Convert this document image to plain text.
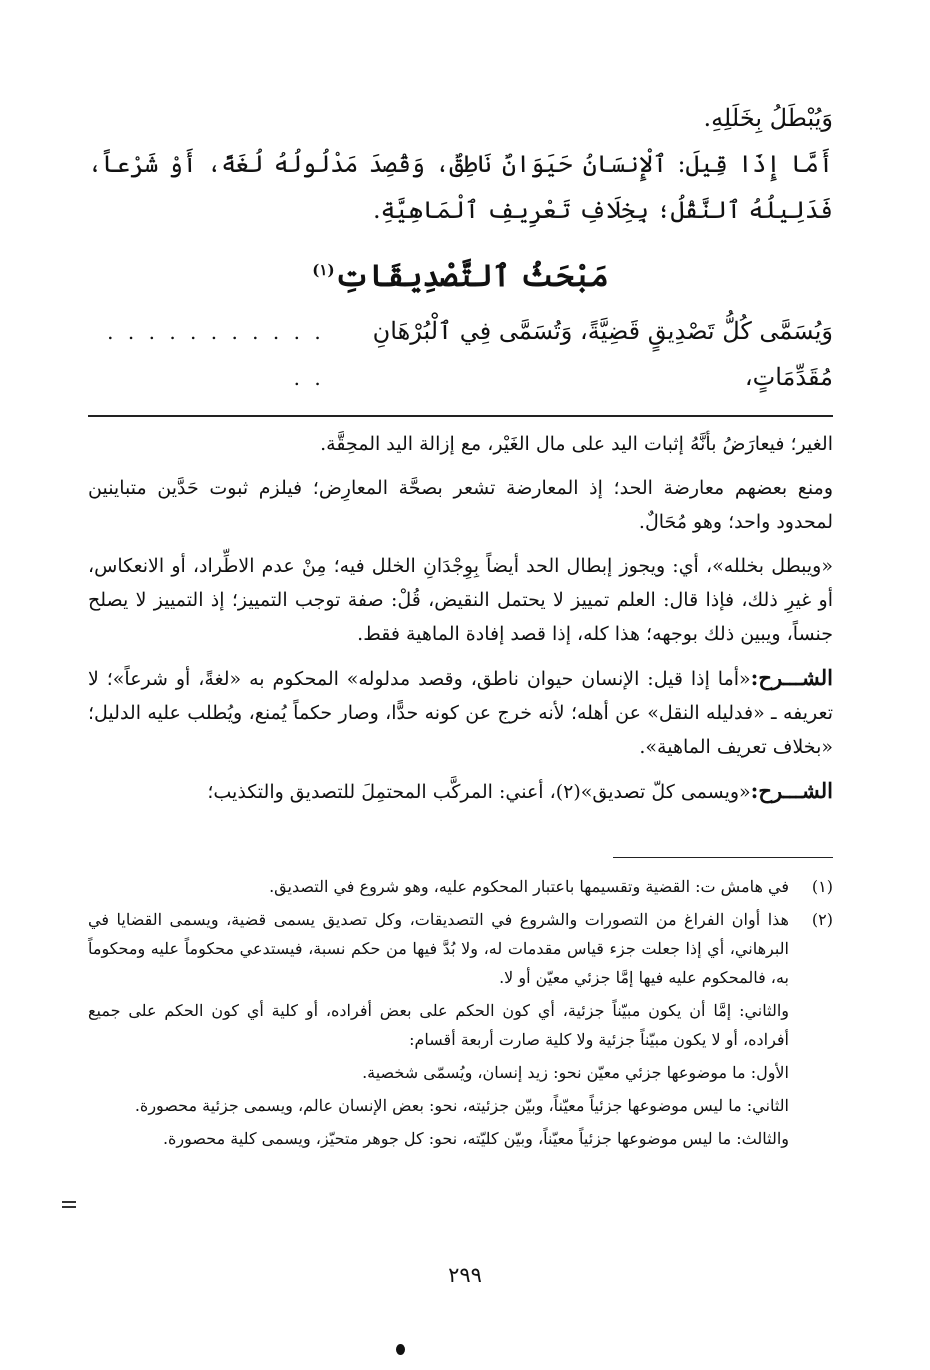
وَيُبْطَلُ بِخَلَلِهِ.

أَمَّا إِذَا قِيلَ: ٱلْإِنسَانُ حَيَوَانٌ نَاطِقٌ، وَقُصِدَ مَدْلُولُهُ لُغَةً، أَوْ شَرْعاً، فَدَلِيلُهُ ٱلنَّقْلُ؛ بِخِلَافِ تَعْرِيفِ ٱلْمَاهِيَّةِ.

مَبْحَثُ ٱلتَّصْدِيقَاتِ$^{(١)}$
وَيُسَمَّى كُلُّ تَصْدِيقٍ قَضِيَّةً، وَتُسَمَّى فِي ٱلْبُرْهَانِ مُقَدِّمَاتٍ،
. . . . . . . . . . . . .

الغير؛ فيعارَضُ بأنَّهُ إثبات اليد على مال الغَيْر، مع إزالة اليد المحِقَّة.

ومنع بعضهم معارضة الحد؛ إذ المعارضة تشعر بصحَّة المعارِض؛ فيلزم ثبوت حَدَّين متباينين لمحدود واحد؛ وهو مُحَالٌ.

«ويبطل بخلله»، أي: ويجوز إبطال الحد أيضاً بِوِجْدَانِ الخلل فيه؛ مِنْ عدم الاطِّراد، أو الانعكاس، أو غيرِ ذلك، فإذا قال: العلم تمييز لا يحتمل النقيض، قُلْ: صفة توجب التمييز؛ إذ التمييز لا يصلح جنساً، ويبين ذلك بوجهه؛ هذا كله، إذا قصد إفادة الماهية فقط.

الشـــرح:«أما إذا قيل: الإنسان حيوان ناطق، وقصد مدلوله» المحكوم به «لغةً، أو شرعاً»؛ لا تعريفه ـ «فدليله النقل» عن أهله؛ لأنه خرج عن كونه حدًّا، وصار حكماً يُمنع، ويُطلب عليه الدليل؛ «بخلاف تعريف الماهية».

الشـــرح:«ويسمى كلّ تصديق»(٢)، أعني: المركَّب المحتمِلَ للتصديق والتكذيب؛

(١)

في هامش ت: القضية وتقسيمها باعتبار المحكوم عليه، وهو شروع في التصديق.

(٢)

هذا أوان الفراغ من التصورات والشروع في التصديقات، وكل تصديق يسمى قضية، ويسمى القضايا في البرهاني، أي إذا جعلت جزء قياس مقدمات له، ولا بُدَّ فيها من حكم نسبة، فيستدعي محكوماً عليه ومحكوماً به، فالمحكوم عليه فيها إمَّا جزئي معيّن أو لا.

والثاني: إمَّا أن يكون مبيّناً جزئية، أي كون الحكم على بعض أفراده، أو كلية أي كون الحكم على جميع أفراده، أو لا يكون مبيّناً جزئية ولا كلية صارت أربعة أقسام:

الأول: ما موضوعها جزئي معيّن نحو: زيد إنسان، ويُسمّى شخصية.

الثاني: ما ليس موضوعها جزئياً معيّناً، وبيّن جزئيته، نحو: بعض الإنسان عالم، ويسمى جزئية محصورة.

والثالث: ما ليس موضوعها جزئياً معيّناً، وبيّن كليّته، نحو: كل جوهر متحيّز، ويسمى كلية محصورة.

٢٩٩
